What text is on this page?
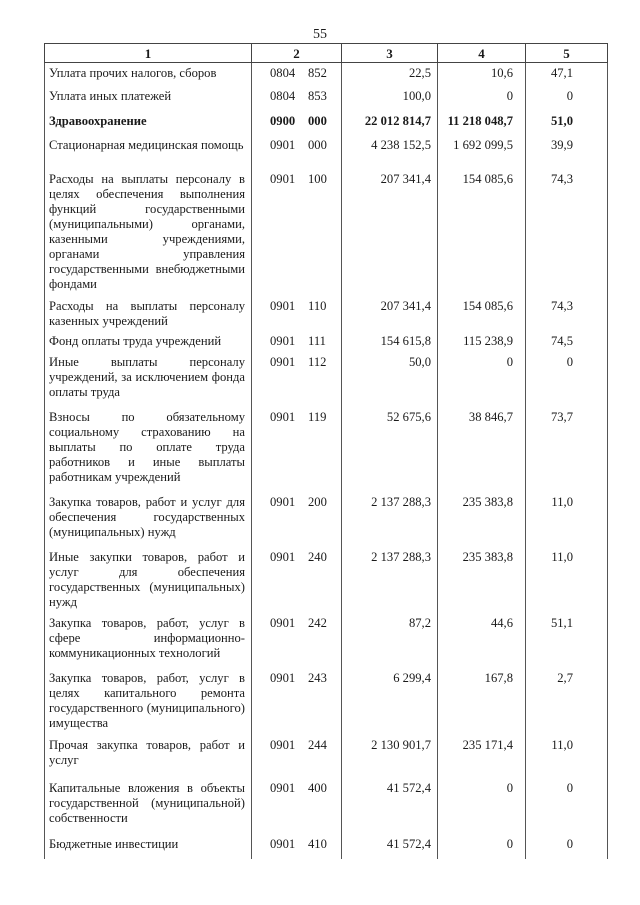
55
1	2	3	4	5
Уплата прочих налогов, сборов	0804 852	22,5	10,6	47,1
Уплата иных платежей	0804 853	100,0	0	0
Здравоохранение	0900 000	22 012 814,7	11 218 048,7	51,0
Стационарная медицинская помощь	0901 000	4 238 152,5	1 692 099,5	39,9
Расходы на выплаты персоналу в целях обеспечения выполнения функций государственными (муниципальными) органами, казенными учреждениями, органами управления государственными внебюджетными фондами	0901 100	207 341,4	154 085,6	74,3
Расходы на выплаты персоналу казенных учреждений	0901 110	207 341,4	154 085,6	74,3
Фонд оплаты труда учреждений	0901 111	154 615,8	115 238,9	74,5
Иные выплаты персоналу учреждений, за исключением фонда оплаты труда	0901 112	50,0	0	0
Взносы по обязательному социальному страхованию на выплаты по оплате труда работников и иные выплаты работникам учреждений	0901 119	52 675,6	38 846,7	73,7
Закупка товаров, работ и услуг для обеспечения государственных (муниципальных) нужд	0901 200	2 137 288,3	235 383,8	11,0
Иные закупки товаров, работ и услуг для обеспечения государственных (муниципальных) нужд	0901 240	2 137 288,3	235 383,8	11,0
Закупка товаров, работ, услуг в сфере информационно-коммуникационных технологий	0901 242	87,2	44,6	51,1
Закупка товаров, работ, услуг в целях капитального ремонта государственного (муниципального) имущества	0901 243	6 299,4	167,8	2,7
Прочая закупка товаров, работ и услуг	0901 244	2 130 901,7	235 171,4	11,0
Капитальные вложения в объекты государственной (муниципальной) собственности	0901 400	41 572,4	0	0
Бюджетные инвестиции	0901 410	41 572,4	0	0
